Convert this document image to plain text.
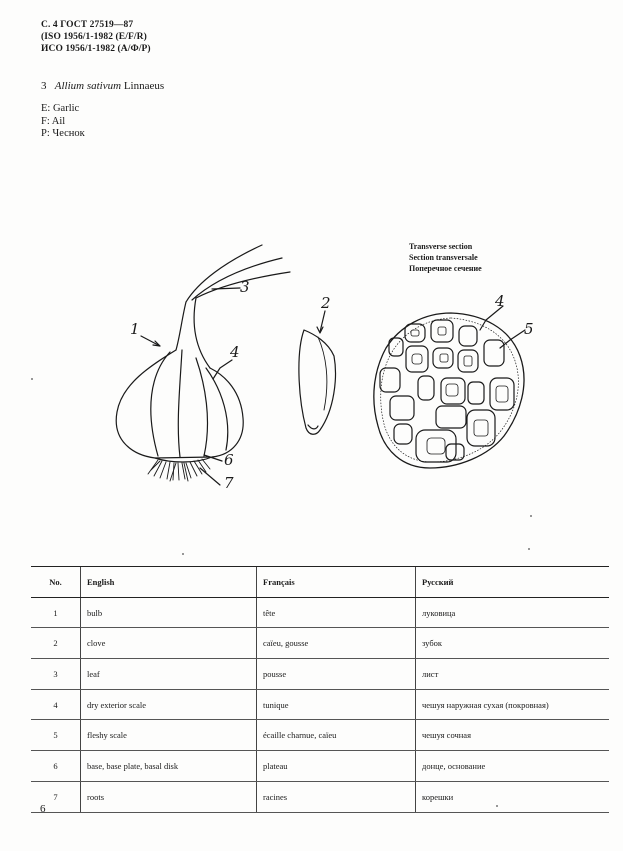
С. 4 ГОСТ 27519—87
(ISO 1956/1-1982 (E/F/R)
ИСО 1956/1-1982 (А/Ф/Р)
3 Allium sativum Linnaeus
E: Garlic
F: Ail
P: Чеснок
Transverse section
Section transversale
Поперечное сечение
1
2
3
4
4
5
6
7
No.	English	Français	Русский
1	bulb	tête	луковица
2	clove	caïeu, gousse	зубок
3	leaf	pousse	лист
4	dry exterior scale	tunique	чешуя наружная сухая (покровная)
5	fleshy scale	écaille charnue, caïeu	чешуя сочная
6	base, base plate, basal disk	plateau	донце, основание
7	roots	racines	корешки
6
